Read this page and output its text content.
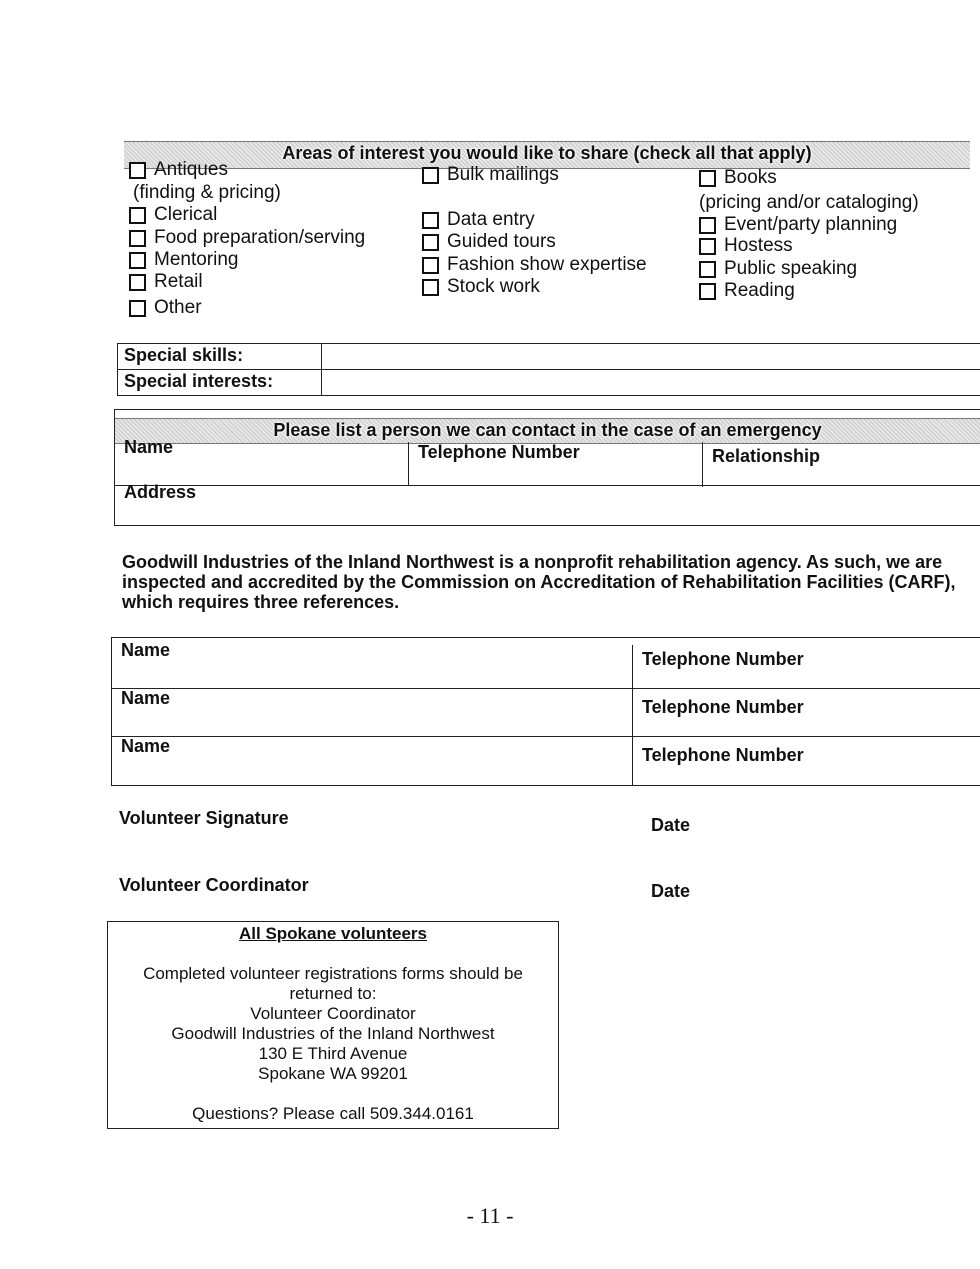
Areas of interest you would like to share (check all that apply)
Antiques
(finding & pricing)
Clerical
Food preparation/serving
Mentoring
Retail
Other
Bulk mailings
Data entry
Guided tours
Fashion show expertise
Stock work
Books
(pricing and/or cataloging)
Event/party planning
Hostess
Public speaking
Reading
Special skills:
Special interests:
Please list a person we can contact in the case of an emergency
Name	Telephone Number	Relationship
Address
Goodwill Industries of the Inland Northwest is a nonprofit rehabilitation agency. As such, we are inspected and accredited by the Commission on Accreditation of Rehabilitation Facilities (CARF), which requires three references.
Name	Telephone Number
Name	Telephone Number
Name	Telephone Number
Volunteer Signature	Date
Volunteer Coordinator	Date
All Spokane volunteers
Completed volunteer registrations forms should be
returned to:
Volunteer Coordinator
Goodwill Industries of the Inland Northwest
130 E Third Avenue
Spokane WA 99201
Questions? Please call 509.344.0161
- 11 -
